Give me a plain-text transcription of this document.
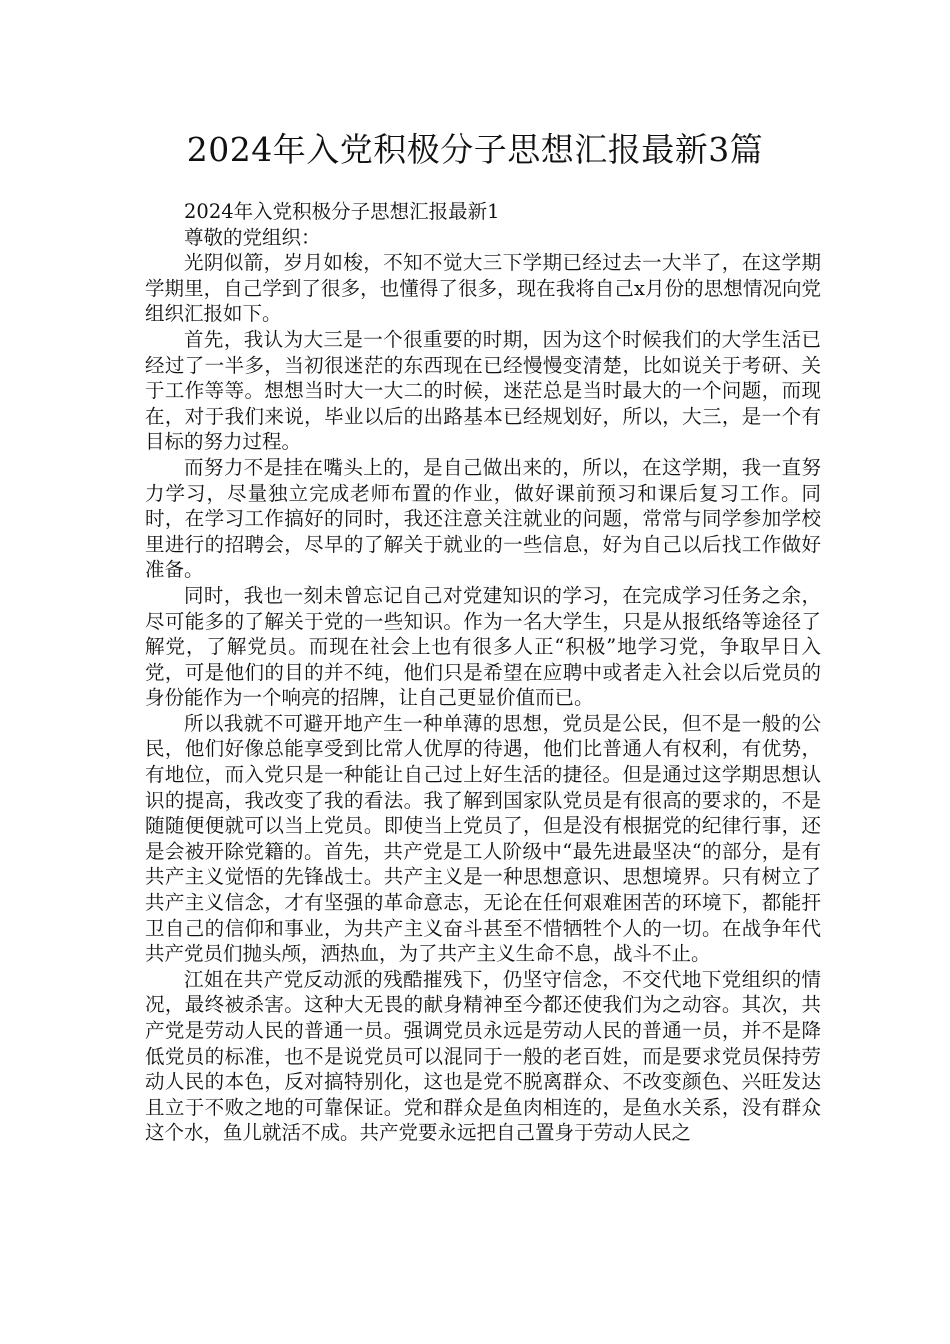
2024年入党积极分子思想汇报最新3篇

2024年入党积极分子思想汇报最新1

尊敬的党组织：

光阴似箭，岁月如梭，不知不觉大三下学期已经过去一大半了，在这学期学期里，自己学到了很多，也懂得了很多，现在我将自己x月份的思想情况向党组织汇报如下。

首先，我认为大三是一个很重要的时期，因为这个时候我们的大学生活已经过了一半多，当初很迷茫的东西现在已经慢慢变清楚，比如说关于考研、关于工作等等。想想当时大一大二的时候，迷茫总是当时最大的一个问题，而现在，对于我们来说，毕业以后的出路基本已经规划好，所以，大三，是一个有目标的努力过程。

而努力不是挂在嘴头上的，是自己做出来的，所以，在这学期，我一直努力学习，尽量独立完成老师布置的作业，做好课前预习和课后复习工作。同时，在学习工作搞好的同时，我还注意关注就业的问题，常常与同学参加学校里进行的招聘会，尽早的了解关于就业的一些信息，好为自己以后找工作做好准备。

同时，我也一刻未曾忘记自己对党建知识的学习，在完成学习任务之余，尽可能多的了解关于党的一些知识。作为一名大学生，只是从报纸络等途径了解党，了解党员。而现在社会上也有很多人正“积极”地学习党，争取早日入党，可是他们的目的并不纯，他们只是希望在应聘中或者走入社会以后党员的身份能作为一个响亮的招牌，让自己更显价值而已。

所以我就不可避开地产生一种单薄的思想，党员是公民，但不是一般的公民，他们好像总能享受到比常人优厚的待遇，他们比普通人有权利，有优势，有地位，而入党只是一种能让自己过上好生活的捷径。但是通过这学期思想认识的提高，我改变了我的看法。我了解到国家队党员是有很高的要求的，不是随随便便就可以当上党员。即使当上党员了，但是没有根据党的纪律行事，还是会被开除党籍的。首先，共产党是工人阶级中“最先进最坚决“的部分，是有共产主义觉悟的先锋战士。共产主义是一种思想意识、思想境界。只有树立了共产主义信念，才有坚强的革命意志，无论在任何艰难困苦的环境下，都能扞卫自己的信仰和事业，为共产主义奋斗甚至不惜牺牲个人的一切。在战争年代共产党员们抛头颅，洒热血，为了共产主义生命不息，战斗不止。

江姐在共产党反动派的残酷摧残下，仍坚守信念，不交代地下党组织的情况，最终被杀害。这种大无畏的献身精神至今都还使我们为之动容。其次，共产党是劳动人民的普通一员。强调党员永远是劳动人民的普通一员，并不是降低党员的标准，也不是说党员可以混同于一般的老百姓，而是要求党员保持劳动人民的本色，反对搞特别化，这也是党不脱离群众、不改变颜色、兴旺发达且立于不败之地的可靠保证。党和群众是鱼肉相连的，是鱼水关系，没有群众这个水，鱼儿就活不成。共产党要永远把自己置身于劳动人民之
